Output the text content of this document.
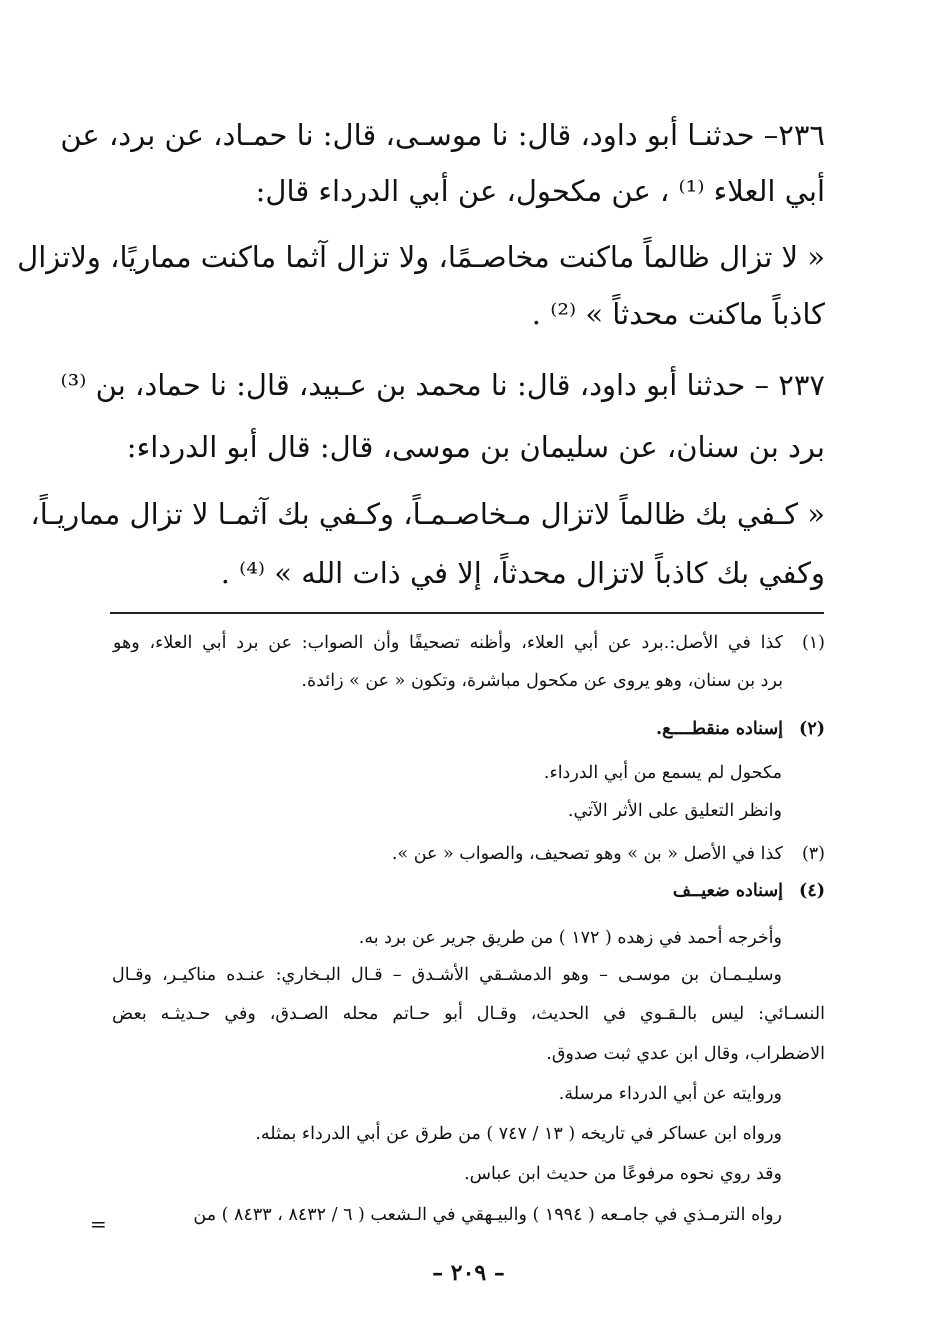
٢٣٦– حدثنـا أبو داود، قال: نا موسـى، قال: نا حمـاد، عن برد، عن

أبي العلاء ⁽¹⁾ ، عن مكحول، عن أبي الدرداء قال:

« لا تزال ظالماً ماكنت مخاصـمًا، ولا تزال آثما ماكنت مماريًا، ولاتزال

كاذباً ماكنت محدثاً » ⁽²⁾ .

٢٣٧ – حدثنا أبو داود، قال: نا محمد بن عـبيد، قال: نا حماد، بن ⁽³⁾

برد بن سنان، عن سليمان بن موسى، قال: قال أبو الدرداء:

« كـفي بك ظالماً لاتزال مـخاصـمـاً، وكـفي بك آثمـا لا تزال مماريـاً،

وكفي بك كاذباً لاتزال محدثاً، إلا في ذات الله » ⁽⁴⁾ .

(١)
كذا في الأصل:.برد عن أبي العلاء، وأظنه تصحيفًا وأن الصواب: عن برد أبي العلاء، وهو
برد بن سنان، وهو يروى عن مكحول مباشرة، وتكون « عن » زائدة.
(٢)
إسناده منقطــــع.

مكحول لم يسمع من أبي الدرداء.

وانظر التعليق على الأثر الآتي.

(٣)
كذا في الأصل « بن » وهو تصحيف، والصواب « عن ».
(٤)
إسناده ضعيــف

وأخرجه أحمد في زهده ( ١٧٢ ) من طريق جرير عن برد به.

وسليـمـان بن موسـى – وهو الدمشـقي الأشـدق – قـال البـخاري: عنـده مناكيـر، وقـال

النسـائي: ليس بالـقـوي في الحديث، وقـال أبو حـاتم محله الصـدق، وفي حـديثـه بعض

الاضطراب، وقال ابن عدي ثبت صدوق.

وروايته عن أبي الدرداء مرسلة.

ورواه ابن عساكر في تاريخه ( ١٣ / ٧٤٧ ) من طرق عن أبي الدرداء بمثله.

وقد روي نحوه مرفوعًا من حديث ابن عباس.

رواه الترمـذي في جامـعه ( ١٩٩٤ ) والبيـهقي في الـشعب ( ٦ / ٨٤٣٢ ، ٨٤٣٣ ) من

=
– ٢٠٩ –
